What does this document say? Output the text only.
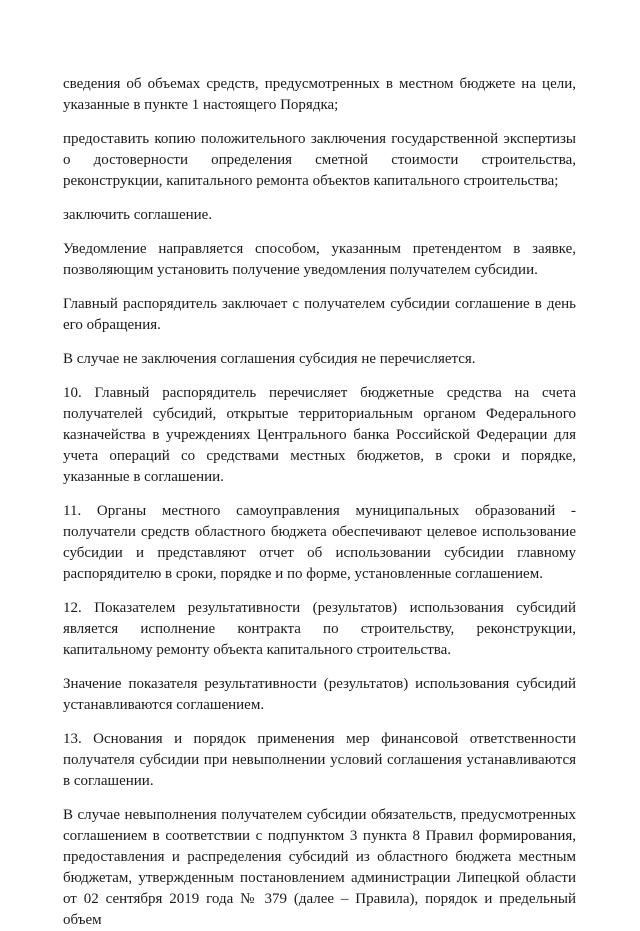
сведения об объемах средств, предусмотренных в местном бюджете на цели, указанные в пункте 1 настоящего Порядка;

предоставить копию положительного заключения государственной экспертизы о достоверности определения сметной стоимости строительства, реконструкции, капитального ремонта объектов капитального строительства;

заключить соглашение.

Уведомление направляется способом, указанным претендентом в заявке, позволяющим установить получение уведомления получателем субсидии.

Главный распорядитель заключает с получателем субсидии соглашение в день его обращения.

В случае не заключения соглашения субсидия не перечисляется.

10. Главный распорядитель перечисляет бюджетные средства на счета получателей субсидий, открытые территориальным органом Федерального казначейства в учреждениях Центрального банка Российской Федерации для учета операций со средствами местных бюджетов, в сроки и порядке, указанные в соглашении.

11. Органы местного самоуправления муниципальных образований - получатели средств областного бюджета обеспечивают целевое использование субсидии и представляют отчет об использовании субсидии главному распорядителю в сроки, порядке и по форме, установленные соглашением.

12. Показателем результативности (результатов) использования субсидий является исполнение контракта по строительству, реконструкции, капитальному ремонту объекта капитального строительства.

Значение показателя результативности (результатов) использования субсидий устанавливаются соглашением.

13. Основания и порядок применения мер финансовой ответственности получателя субсидии при невыполнении условий соглашения устанавливаются в соглашении.

В случае невыполнения получателем субсидии обязательств, предусмотренных соглашением в соответствии с подпунктом 3 пункта 8 Правил формирования, предоставления и распределения субсидий из областного бюджета местным бюджетам, утвержденным постановлением администрации Липецкой области от 02 сентября 2019 года № 379 (далее – Правила), порядок и предельный объем
